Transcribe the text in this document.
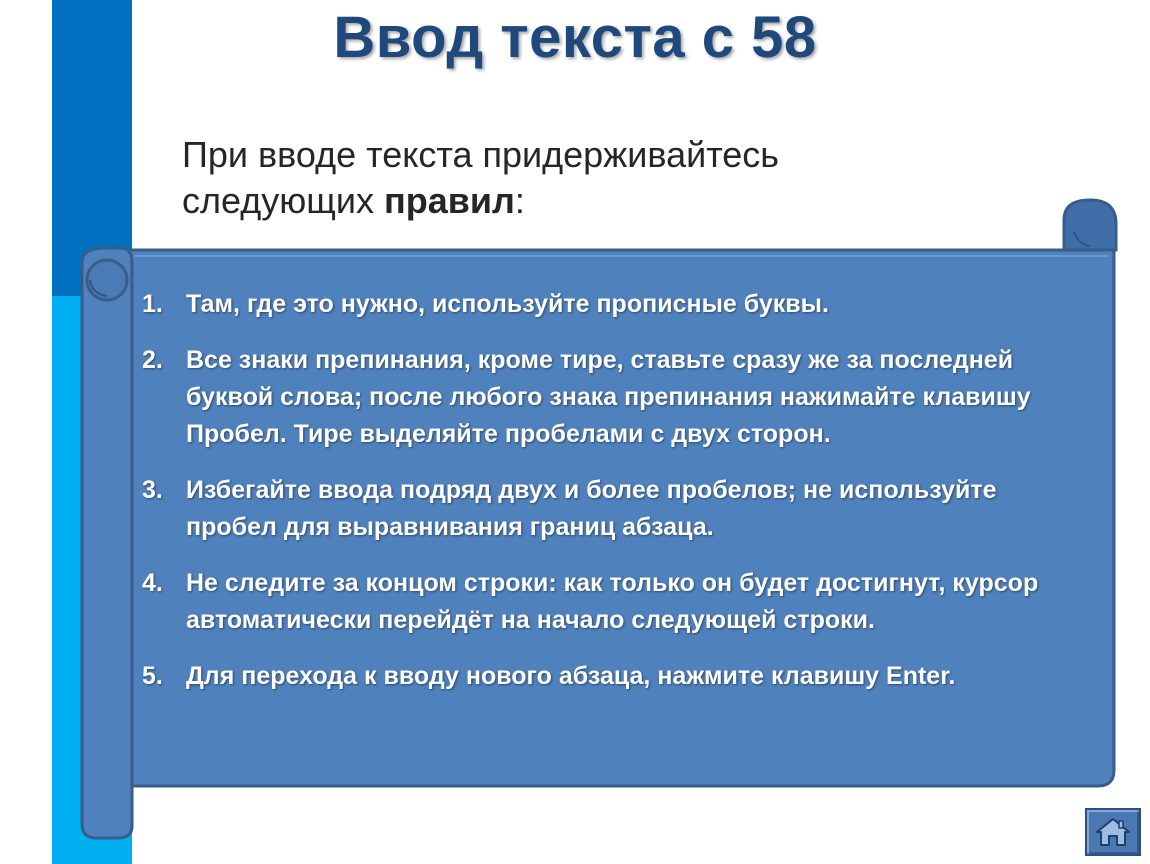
Ввод текста с 58
При вводе текста придерживайтесь
следующих правил:
1. Там, где это нужно, используйте прописные буквы.
2. Все знаки препинания, кроме тире, ставьте сразу же за последней буквой слова; после любого знака препинания нажимайте клавишу Пробел. Тире выделяйте пробелами с двух сторон.
3. Избегайте ввода подряд двух и более пробелов; не используйте пробел для выравнивания границ абзаца.
4. Не следите за концом строки: как только он будет достигнут, курсор автоматически перейдёт на начало следующей строки.
5. Для перехода к вводу нового абзаца, нажмите клавишу Enter.
